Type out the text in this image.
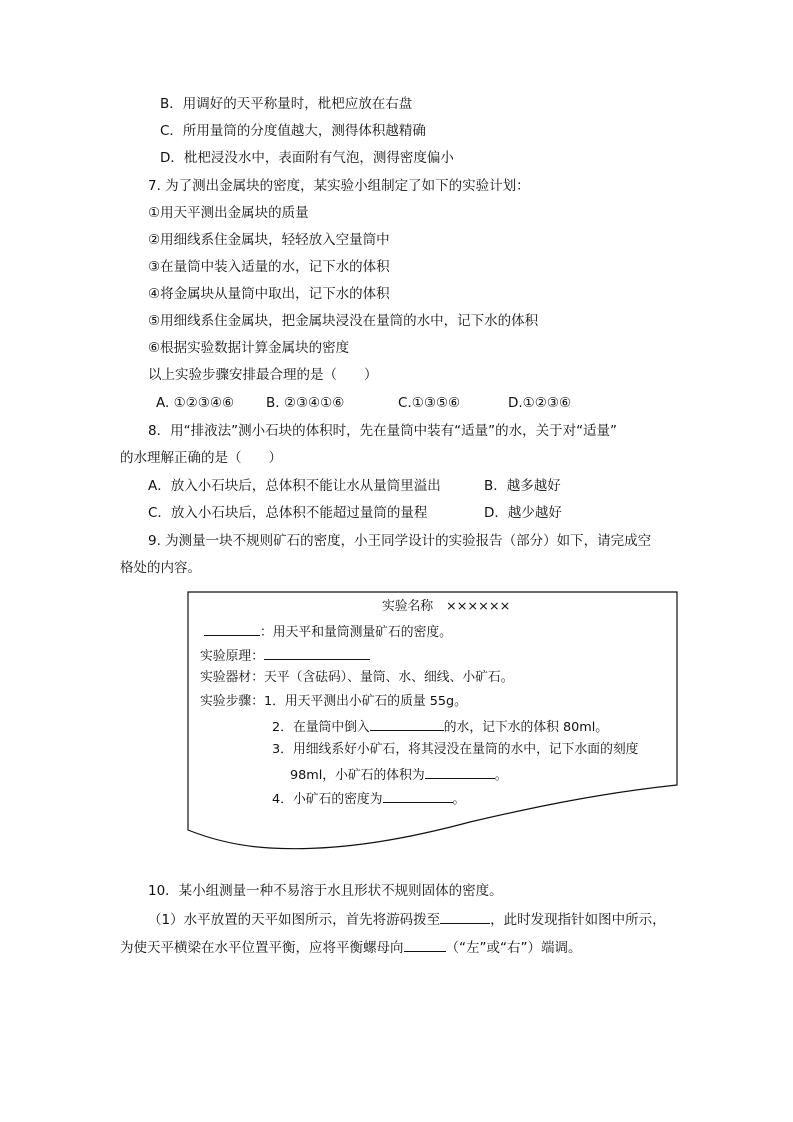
B．用调好的天平称量时，枇杷应放在右盘
C．所用量筒的分度值越大，测得体积越精确
D．枇杷浸没水中，表面附有气泡，测得密度偏小
7. 为了测出金属块的密度，某实验小组制定了如下的实验计划：
①用天平测出金属块的质量
②用细线系住金属块，轻轻放入空量筒中
③在量筒中装入适量的水，记下水的体积
④将金属块从量筒中取出，记下水的体积
⑤用细线系住金属块，把金属块浸没在量筒的水中，记下水的体积
⑥根据实验数据计算金属块的密度
以上实验步骤安排最合理的是（　　）
A. ①②③④⑥ B. ②③④①⑥	C.①③⑤⑥	D.①②③⑥
8．用“排液法”测小石块的体积时，先在量筒中装有“适量”的水，关于对“适量”
的水理解正确的是（　　）
A．放入小石块后，总体积不能让水从量筒里溢出	B．越多越好
C．放入小石块后，总体积不能超过量筒的量程	D．越少越好
9. 为测量一块不规则矿石的密度，小王同学设计的实验报告（部分）如下，请完成空
格处的内容。
实验名称　××××××
：用天平和量筒测量矿石的密度。
实验原理：
实验器材：天平（含砝码）、量筒、水、细线、小矿石。
实验步骤：1．用天平测出小矿石的质量 55g。
2．在量筒中倒入	的水，记下水的体积 80ml。
3．用细线系好小矿石，将其浸没在量筒的水中，记下水面的刻度
98ml，小矿石的体积为	。
4．小矿石的密度为	。
10．某小组测量一种不易溶于水且形状不规则固体的密度。
（1）水平放置的天平如图所示，首先将游码拨至	，此时发现指针如图中所示，
为使天平横梁在水平位置平衡，应将平衡螺母向	（“左”或“右”）端调。
